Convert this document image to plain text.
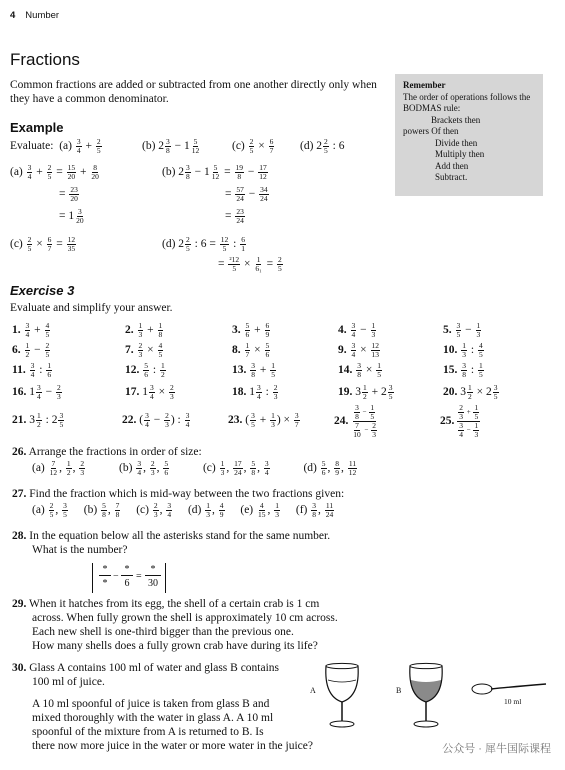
4 Number
Fractions
Common fractions are added or subtracted from one another directly only when they have a common denominator.
Remember
The order of operations follows the BODMAS rule:
Brackets then
powers Of then
Divide then
Multiply then
Add then
Subtract.
Example
Evaluate: $(a) \frac{3}{4} + \frac{2}{5}$	(b) $2 \frac{3}{8} - 1 \frac{5}{12}$	$(c) \frac{2}{5} \times \frac{6}{7} (d)$ $2 \frac{2}{5}$ : 6
$(a) \frac{3}{4} + \frac{2}{5} = \frac{15}{20} + \frac{8}{20}$
= $\frac{23}{20}$
= $1 \frac{3}{20}$
(b) $2 \frac{3}{8} - 1 \frac{5}{12} = \frac{19}{8} - \frac{17}{12}$
= $\frac{57}{24} - \frac{34}{24}$
= $\frac{23}{24}$
$(c) \frac{2}{5} \times \frac{6}{7} = \frac{12}{35}$	(d) $2 \frac{2}{5}$ : $6 = \frac{12}{5}$ : $\frac{6}{1}$
= $\frac{\text{²12}}{5} \times \frac{1}{\text{6₁}} = \frac{2}{5}$
Exercise 3
Evaluate and simplify your answer.
1. $\frac{3}{4} + \frac{4}{5}$	2. $\frac{1}{3} + \frac{1}{8}$	3. $\frac{5}{6} + \frac{6}{9}$	4. $\frac{3}{4} - \frac{1}{3}$	5. $\frac{3}{5} - \frac{1}{3}$
6. $\frac{1}{2} - \frac{2}{5}$	7. $\frac{2}{3} \times \frac{4}{5}$	8. $\frac{1}{7} \times \frac{5}{6}$	9. $\frac{3}{4} \times \frac{12}{13}$	10. $\frac{1}{3}$ : $\frac{4}{5}$
11. $\frac{3}{4}$ : $\frac{1}{6}$	12. $\frac{5}{6}$ : $\frac{1}{2}$	13. $\frac{3}{8} + \frac{1}{5}$	14. $\frac{3}{8} \times \frac{1}{5}$	15. $\frac{3}{8}$ : $\frac{1}{5}$
16. $1 \frac{3}{4} - \frac{2}{3}$	17. $1 \frac{3}{4} \times \frac{2}{3}$	18. $1 \frac{3}{4}$ : $\frac{2}{3}$	19. $3 \frac{1}{2} + 2 \frac{3}{5}$	20. $3 \frac{1}{2} \times 2 \frac{3}{5}$
21. $3 \frac{1}{2}$ : $2 \frac{3}{5}$	22. ( $\frac{3}{4} - \frac{2}{3}$ ) : $\frac{3}{4}$	23. ( $\frac{3}{5} + \frac{1}{3}$ ) × $\frac{3}{7}$	24. $\frac{\frac{3}{8} - \frac{1}{5}}{\frac{7}{10} - \frac{2}{3}}$	25. $\frac{\frac{2}{3} + \frac{1}{5}}{\frac{3}{4} - \frac{1}{3}}$
26. Arrange the fractions in order of size:
$(a) \frac{7}{12}$ , $\frac{1}{2}$ , $\frac{2}{3}$	$(b) \frac{3}{4}$ , $\frac{2}{3}$ , $\frac{5}{6}$	$(c) \frac{1}{3}$ , $\frac{17}{24}$ , $\frac{5}{8}$ , $\frac{3}{4}$	$(d) \frac{5}{6}$ , $\frac{8}{9}$ , $\frac{11}{12}$
27. Find the fraction which is mid-way between the two fractions given:
$(a) \frac{2}{5}$ , $\frac{3}{5} (b) \frac{5}{8}$ , $\frac{7}{8} (c) \frac{2}{3}$ , $\frac{3}{4} (d) \frac{1}{3}$ , $\frac{4}{9} (e) \frac{4}{15}$ , $\frac{1}{3} (f) \frac{3}{8}$ , $\frac{11}{24}$
28. In the equation below all the asterisks stand for the same number.
What is the number?
*
*
−
*
6
=
*
30
29. When it hatches from its egg, the shell of a certain crab is 1 cm
across. When fully grown the shell is approximately 10 cm across.
Each new shell is one-third bigger than the previous one.
How many shells does a fully grown crab have during its life?
30. Glass A contains 100 ml of water and glass B contains
100 ml of juice.
A 10 ml spoonful of juice is taken from glass B and
mixed thoroughly with the water in glass A. A 10 ml
spoonful of the mixture from A is returned to B. Is
there now more juice in the water or more water in the juice?
A	B
10 ml
公众号 · 犀牛国际课程
